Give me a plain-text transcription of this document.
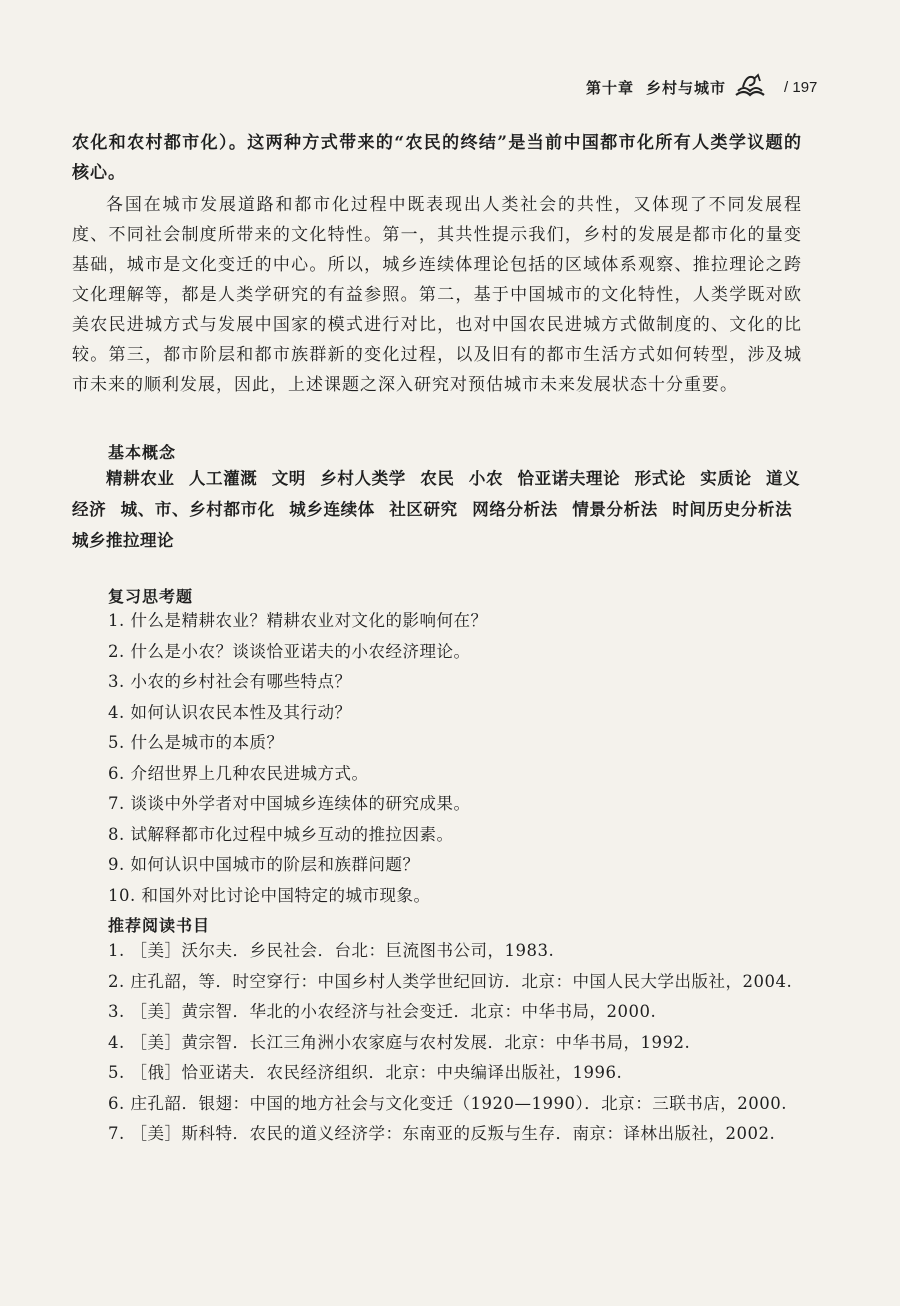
第十章 乡村与城市	/ 197

农化和农村都市化）。这两种方式带来的“农民的终结”是当前中国都市化所有人类学议题的核心。

各国在城市发展道路和都市化过程中既表现出人类社会的共性，又体现了不同发展程度、不同社会制度所带来的文化特性。第一，其共性提示我们，乡村的发展是都市化的量变基础，城市是文化变迁的中心。所以，城乡连续体理论包括的区域体系观察、推拉理论之跨文化理解等，都是人类学研究的有益参照。第二，基于中国城市的文化特性，人类学既对欧美农民进城方式与发展中国家的模式进行对比，也对中国农民进城方式做制度的、文化的比较。第三，都市阶层和都市族群新的变化过程，以及旧有的都市生活方式如何转型，涉及城市未来的顺利发展，因此，上述课题之深入研究对预估城市未来发展状态十分重要。

基本概念
精耕农业 人工灌溉 文明 乡村人类学 农民 小农 恰亚诺夫理论 形式论 实质论 道义经济 城、市、乡村都市化 城乡连续体 社区研究 网络分析法 情景分析法 时间历史分析法 城乡推拉理论
复习思考题
1. 什么是精耕农业？精耕农业对文化的影响何在？
2. 什么是小农？谈谈恰亚诺夫的小农经济理论。
3. 小农的乡村社会有哪些特点？
4. 如何认识农民本性及其行动？
5. 什么是城市的本质？
6. 介绍世界上几种农民进城方式。
7. 谈谈中外学者对中国城乡连续体的研究成果。
8. 试解释都市化过程中城乡互动的推拉因素。
9. 如何认识中国城市的阶层和族群问题？
10. 和国外对比讨论中国特定的城市现象。
推荐阅读书目
1. ［美］沃尔夫．乡民社会．台北：巨流图书公司，1983.
2. 庄孔韶，等．时空穿行：中国乡村人类学世纪回访．北京：中国人民大学出版社，2004.
3. ［美］黄宗智．华北的小农经济与社会变迁．北京：中华书局，2000.
4. ［美］黄宗智．长江三角洲小农家庭与农村发展．北京：中华书局，1992.
5. ［俄］恰亚诺夫．农民经济组织．北京：中央编译出版社，1996.
6. 庄孔韶．银翅：中国的地方社会与文化变迁（1920—1990）．北京：三联书店，2000.
7. ［美］斯科特．农民的道义经济学：东南亚的反叛与生存．南京：译林出版社，2002.
